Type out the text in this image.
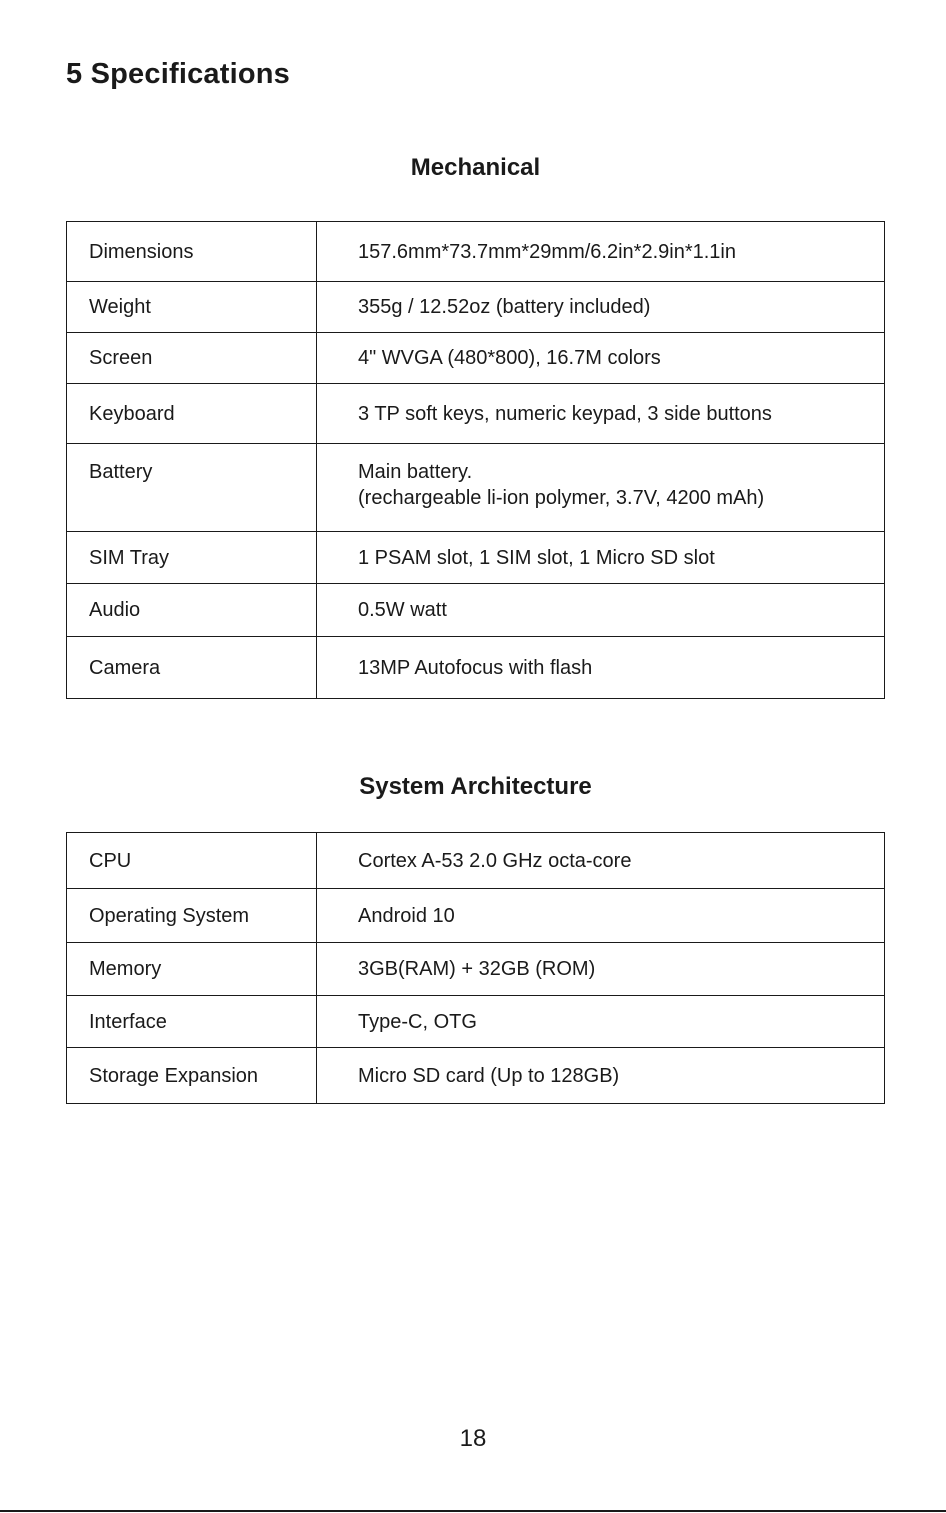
5 Specifications
Mechanical
Dimensions	157.6mm*73.7mm*29mm/6.2in*2.9in*1.1in
Weight	355g / 12.52oz (battery included)
Screen	4" WVGA (480*800), 16.7M colors
Keyboard	3 TP soft keys, numeric keypad, 3 side buttons
Battery	Main battery.
(rechargeable li-ion polymer, 3.7V, 4200 mAh)

SIM Tray	1 PSAM slot, 1 SIM slot, 1 Micro SD slot
Audio	0.5W watt
Camera	13MP Autofocus with flash
System Architecture
CPU	Cortex A-53 2.0 GHz octa-core
Operating System	Android 10
Memory	3GB(RAM) + 32GB (ROM)
Interface	Type-C, OTG
Storage Expansion	Micro SD card (Up to 128GB)
18
